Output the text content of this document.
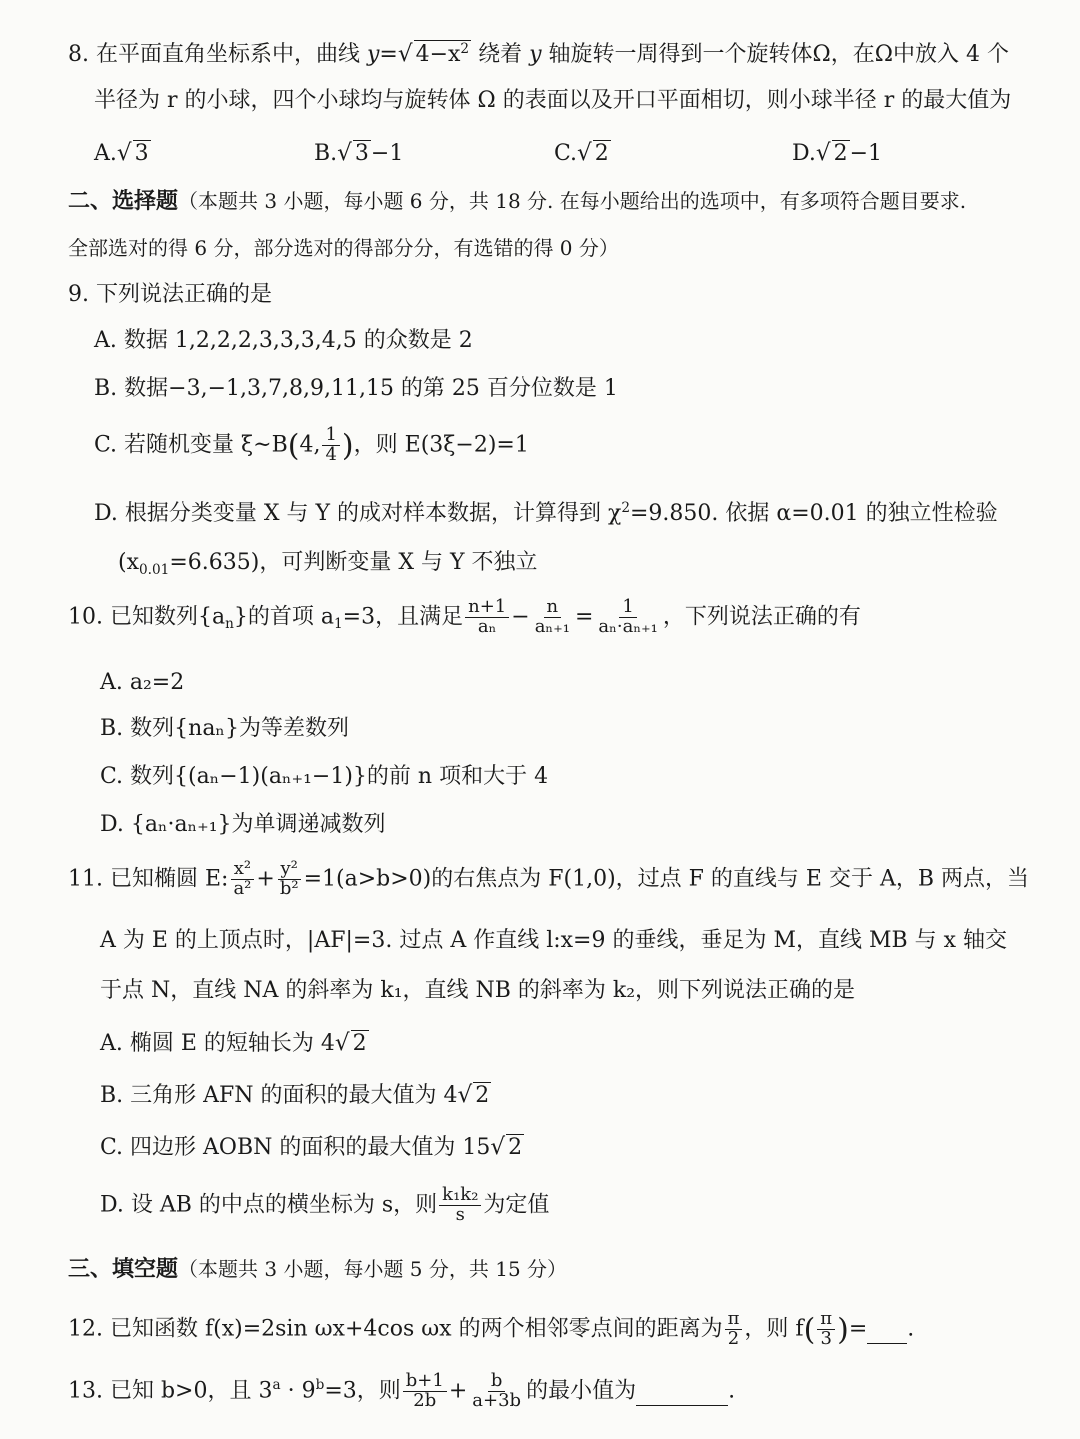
8. 在平面直角坐标系中，曲线 y=√ $4-x^2$ 绕着 y 轴旋转一周得到一个旋转体Ω，在Ω中放入 4 个
半径为 r 的小球，四个小球均与旋转体 Ω 的表面以及开口平面相切，则小球半径 r 的最大值为
A.√ 3	B.√ 3−1	C.√ 2	D.√ 2−1
二、选择题（本题共 3 小题，每小题 6 分，共 18 分. 在每小题给出的选项中，有多项符合题目要求.
全部选对的得 6 分，部分选对的得部分分，有选错的得 0 分）
9. 下列说法正确的是
A. 数据 1,2,2,2,3,3,3,4,5 的众数是 2
B. 数据−3,−1,3,7,8,9,11,15 的第 25 百分位数是 1
C. 若随机变量 ξ~B(4, $\frac{1}{4}$ )，则 E(3ξ−2)=1
D. 根据分类变量 X 与 Y 的成对样本数据，计算得到 $\chi^2=9.850$. 依据 α=0.01 的独立性检验
$(x_{0.01}=6.635)$，可判断变量 X 与 Y 不独立
10. 已知数列$\{a_n\}$的首项 $a_1=3$，且满足 $\frac{n+1}{\text{aₙ}} - \frac{n}{\text{aₙ₊₁}} = \frac{1}{\text{aₙ·aₙ₊₁}}$ ，下列说法正确的有
A. a₂=2
B. 数列{naₙ}为等差数列
C. 数列{(aₙ−1)(aₙ₊₁−1)}的前 n 项和大于 4
D. {aₙ·aₙ₊₁}为单调递减数列
11. 已知椭圆 E: $\frac{\text{x²}}{\text{a²}} + \frac{\text{y²}}{\text{b²}} =1(a>b>0)$的右焦点为 F(1,0)，过点 F 的直线与 E 交于 A，B 两点，当
A 为 E 的上顶点时，|AF|=3. 过点 A 作直线 l:x=9 的垂线，垂足为 M，直线 MB 与 x 轴交
于点 N，直线 NA 的斜率为 k₁，直线 NB 的斜率为 k₂，则下列说法正确的是
A. 椭圆 E 的短轴长为 4√ 2
B. 三角形 AFN 的面积的最大值为 4√ 2
C. 四边形 AOBN 的面积的最大值为 15√ 2
D. 设 AB 的中点的横坐标为 s，则 $\frac{\text{k₁k₂}}{s}$ 为定值
三、填空题（本题共 3 小题，每小题 5 分，共 15 分）
12. 已知函数 f(x)=2sin ωx+4cos ωx 的两个相邻零点间的距离为 $\frac{\pi}{2}$ ，则 $f( \frac{\pi}{3}$ )= .
13. 已知 b>0，且 $3^a \cdot 9^b=3$，则 $\frac{b+1}{2b} + \frac{b}{a+3b}$ 的最小值为	.
